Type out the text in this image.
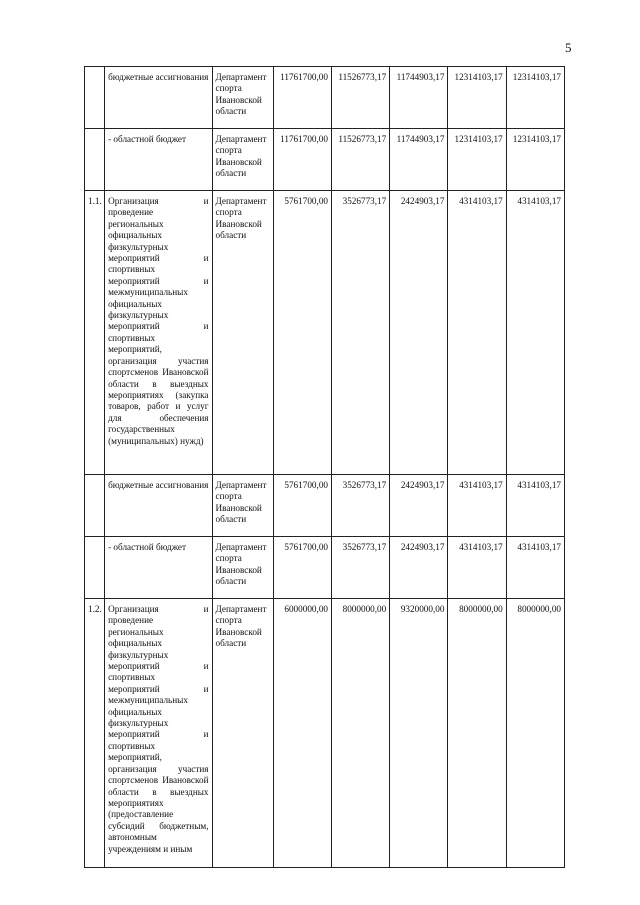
5
	бюджетные ассигнования	Департамент спорта Ивановской области	11761700,00	11526773,17	11744903,17	12314103,17	12314103,17
	- областной бюджет	Департамент спорта Ивановской области	11761700,00	11526773,17	11744903,17	12314103,17	12314103,17
1.1.	Организация и проведение региональных официальных физкультурных мероприятий и спортивных мероприятий и межмуниципальных официальных физкультурных мероприятий и спортивных мероприятий, организация участия спортсменов Ивановской области в выездных мероприятиях (закупка товаров, работ и услуг для обеспечения государственных (муниципальных) нужд)	Департамент спорта Ивановской области	5761700,00	3526773,17	2424903,17	4314103,17	4314103,17
	бюджетные ассигнования	Департамент спорта Ивановской области	5761700,00	3526773,17	2424903,17	4314103,17	4314103,17
	- областной бюджет	Департамент спорта Ивановской области	5761700,00	3526773,17	2424903,17	4314103,17	4314103,17
1.2.	Организация и проведение региональных официальных физкультурных мероприятий и спортивных мероприятий и межмуниципальных официальных физкультурных мероприятий и спортивных мероприятий, организация участия спортсменов Ивановской области в выездных мероприятиях (предоставление субсидий бюджетным, автономным учреждениям и иным	Департамент спорта Ивановской области	6000000,00	8000000,00	9320000,00	8000000,00	8000000,00
